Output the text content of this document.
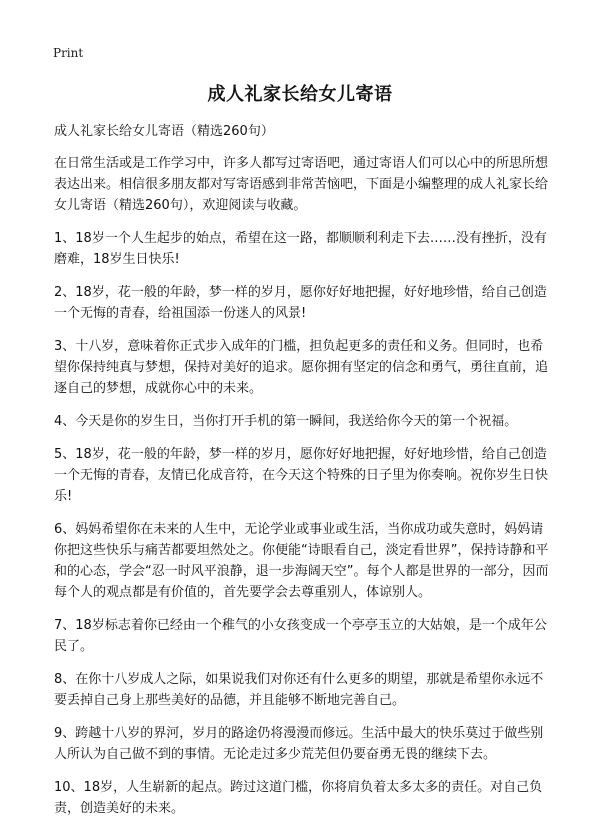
Print
成人礼家长给女儿寄语

成人礼家长给女儿寄语（精选260句）

在日常生活或是工作学习中，许多人都写过寄语吧，通过寄语人们可以心中的所思所想表达出来。相信很多朋友都对写寄语感到非常苦恼吧，下面是小编整理的成人礼家长给女儿寄语（精选260句），欢迎阅读与收藏。

1、18岁一个人生起步的始点，希望在这一路，都顺顺利利走下去……没有挫折，没有磨难，18岁生日快乐!

2、18岁，花一般的年龄，梦一样的岁月，愿你好好地把握，好好地珍惜，给自己创造一个无悔的青春，给祖国添一份迷人的风景!

3、十八岁，意味着你正式步入成年的门槛，担负起更多的责任和义务。但同时，也希望你保持纯真与梦想，保持对美好的追求。愿你拥有坚定的信念和勇气，勇往直前，追逐自己的梦想，成就你心中的未来。

4、今天是你的岁生日，当你打开手机的第一瞬间，我送给你今天的第一个祝福。

5、18岁，花一般的年龄，梦一样的岁月，愿你好好地把握，好好地珍惜，给自己创造一个无悔的青春，友情已化成音符，在今天这个特殊的日子里为你奏响。祝你岁生日快乐!

6、妈妈希望你在未来的人生中，无论学业或事业或生活，当你成功或失意时，妈妈请你把这些快乐与痛苦都要坦然处之。你便能“诗眼看自己，淡定看世界”，保持诗静和平和的心态，学会“忍一时风平浪静，退一步海阔天空”。每个人都是世界的一部分，因而每个人的观点都是有价值的，首先要学会去尊重别人，体谅别人。

7、18岁标志着你已经由一个稚气的小女孩变成一个亭亭玉立的大姑娘，是一个成年公民了。

8、在你十八岁成人之际，如果说我们对你还有什么更多的期望，那就是希望你永远不要丢掉自己身上那些美好的品德，并且能够不断地完善自己。

9、跨越十八岁的界河，岁月的路途仍将漫漫而修远。生活中最大的快乐莫过于做些别人所认为自己做不到的事情。无论走过多少荒芜但仍要奋勇无畏的继续下去。

10、18岁，人生崭新的起点。跨过这道门槛，你将肩负着太多太多的责任。对自己负责，创造美好的未来。
